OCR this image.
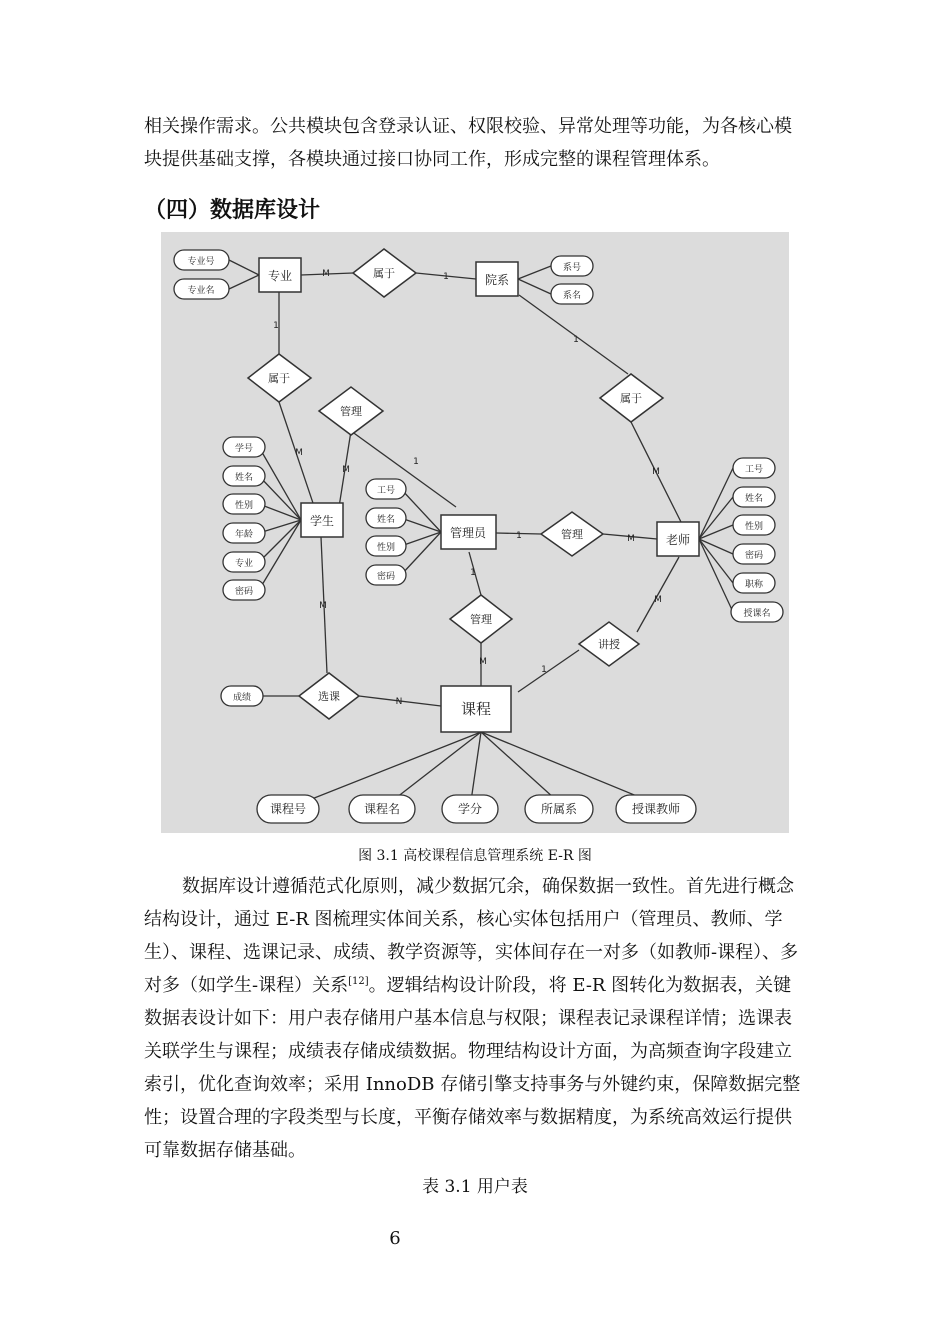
相关操作需求。公共模块包含登录认证、权限校验、异常处理等功能，为各核心模块提供基础支撑，各模块通过接口协同工作，形成完整的课程管理体系。

（四）数据库设计
M	1
1
M
1
M
M
1
1	M
1
M
M
1
M
N
专业	院系
学生
管理员	老师
课程
属于
属于
属于
管理
管理
管理
讲授
选课
专业号
专业名
系号
系名
学号
姓名
性别
年龄
专业
密码
工号
姓名
性别
密码
工号
姓名
性别
密码
职称
授课名
成绩
课程号	课程名	学分	所属系	授课教师

图 3.1 高校课程信息管理系统 E-R 图

数据库设计遵循范式化原则，减少数据冗余，确保数据一致性。首先进行概念结构设计，通过 E-R 图梳理实体间关系，核心实体包括用户（管理员、教师、学生）、课程、选课记录、成绩、教学资源等，实体间存在一对多（如教师-课程）、多对多（如学生-课程）关系[12]。逻辑结构设计阶段，将 E-R 图转化为数据表，关键数据表设计如下：用户表存储用户基本信息与权限；课程表记录课程详情；选课表关联学生与课程；成绩表存储成绩数据。物理结构设计方面，为高频查询字段建立索引，优化查询效率；采用 InnoDB 存储引擎支持事务与外键约束，保障数据完整性；设置合理的字段类型与长度，平衡存储效率与数据精度，为系统高效运行提供可靠数据存储基础。

表 3.1 用户表

6
